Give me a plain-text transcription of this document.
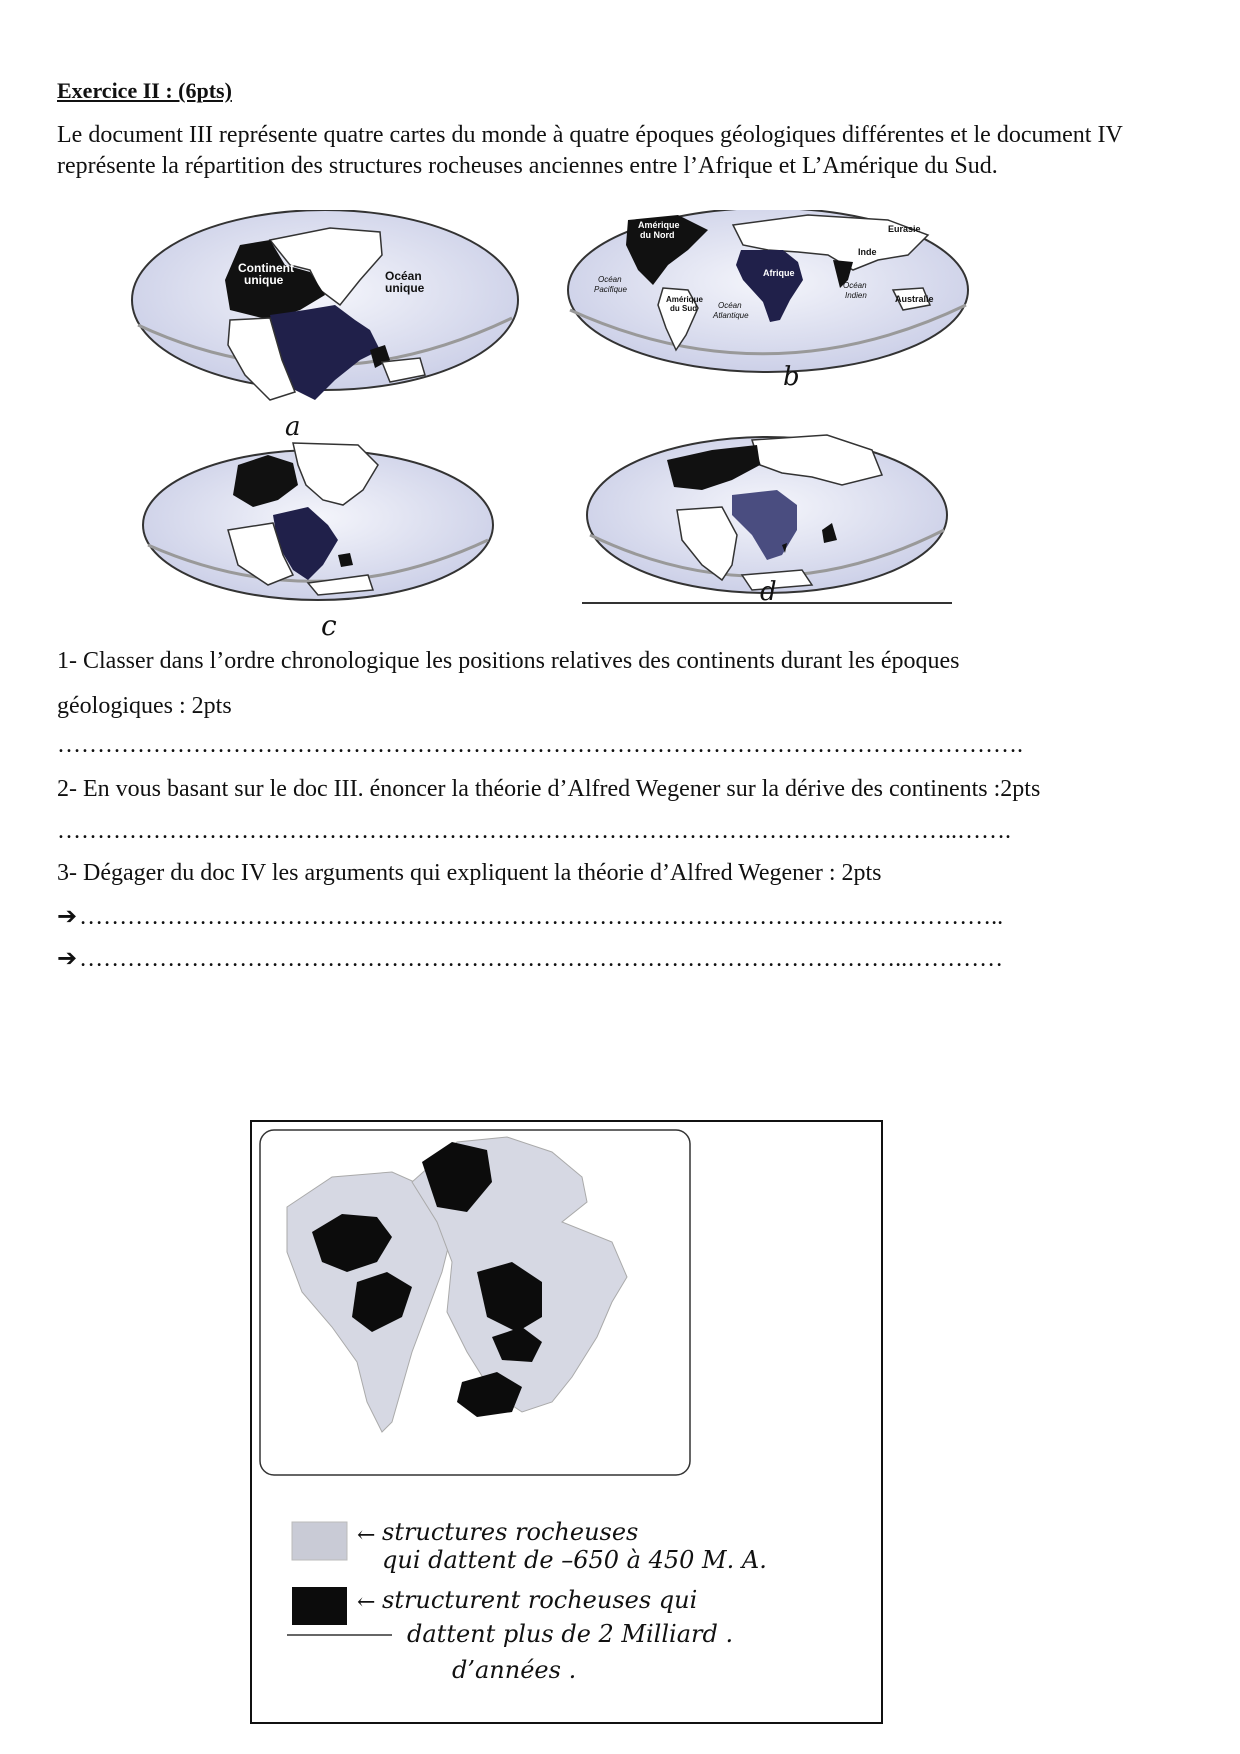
Exercice II : (6pts)
Le document III représente quatre cartes du monde à quatre époques géologiques différentes et le document IV représente la répartition des structures rocheuses anciennes entre l’Afrique et L’Amérique du Sud.
Continent
unique	Océan
unique
a
Amérique
du Nord
Eurasie
Inde
Afrique
Océan
Pacifique
Amérique
du Sud	Océan
Atlantique
Océan
Indien	Australie
b
c
d
1- Classer dans l’ordre chronologique les positions relatives des continents durant les époques
géologiques : 2pts
………………………………………………………………………………………………………….
2- En vous basant sur le doc III. énoncer la théorie d’Alfred Wegener sur la dérive des continents :2pts
…………………………………………………………………………………………………..…….
3- Dégager du doc IV les arguments qui expliquent la théorie d’Alfred Wegener : 2pts
➔……………………………………………………………………………………………………..
➔…………………………………………………………………………………………..…………
←
←
structures rocheuses
qui dattent de –650 à 450 M. A.
structurent rocheuses qui
dattent plus de 2 Milliard .
d’années .
